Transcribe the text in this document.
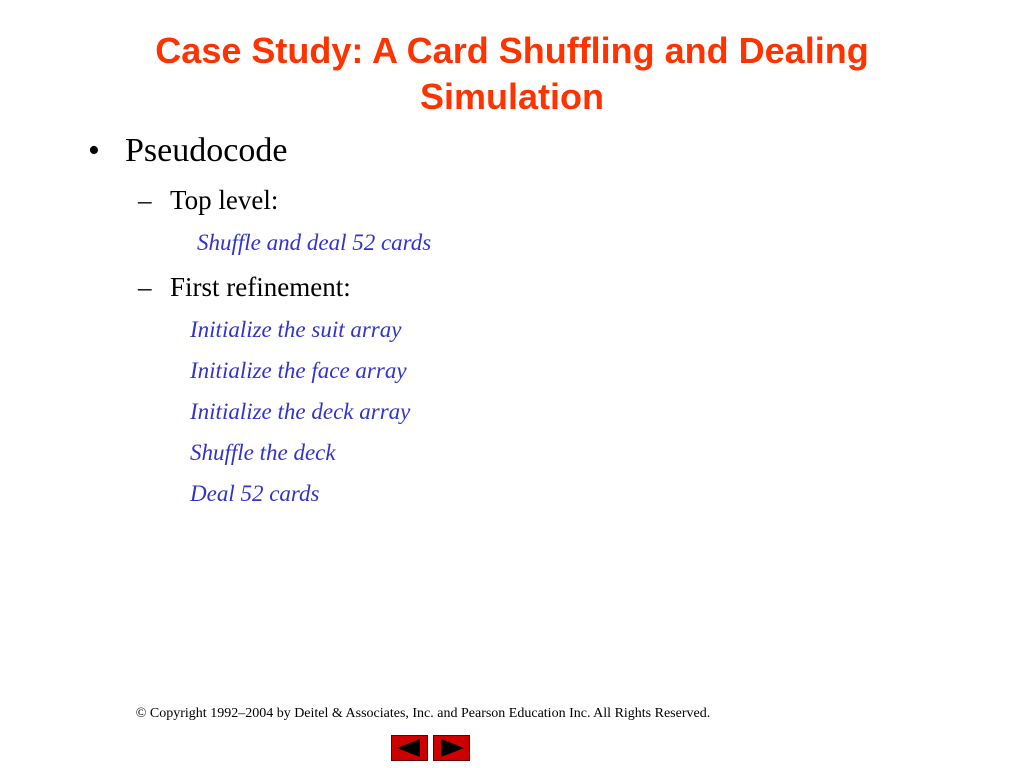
Case Study: A Card Shuffling and Dealing
Simulation
• Pseudocode
– Top level:
Shuffle and deal 52 cards
– First refinement:
Initialize the suit array
Initialize the face array
Initialize the deck array
Shuffle the deck
Deal 52 cards
© Copyright 1992–2004 by Deitel & Associates, Inc. and Pearson Education Inc. All Rights Reserved.
